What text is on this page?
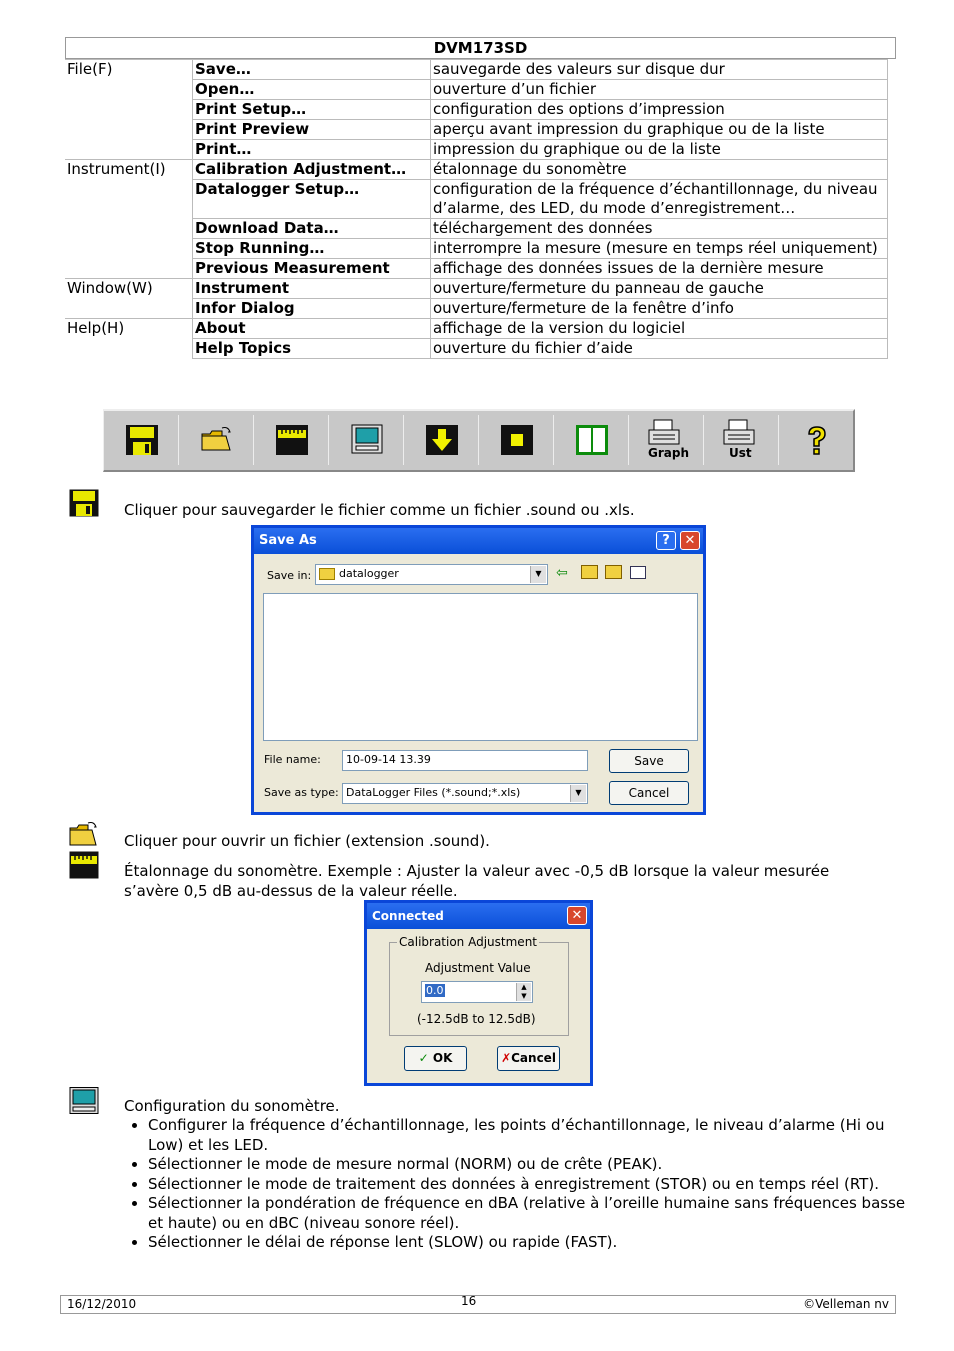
DVM173SD
File(F)	Save…	sauvegarde des valeurs sur disque dur
	Open…	ouverture d’un fichier
	Print Setup…	configuration des options d’impression
	Print Preview	aperçu avant impression du graphique ou de la liste
	Print…	impression du graphique ou de la liste
Instrument(I)	Calibration Adjustment…	étalonnage du sonomètre
	Datalogger Setup…	configuration de la fréquence d’échantillonnage, du niveau d’alarme, des LED, du mode d’enregistrement…
	Download Data…	téléchargement des données
	Stop Running…	interrompre la mesure (mesure en temps réel uniquement)
	Previous Measurement	affichage des données issues de la dernière mesure
Window(W)	Instrument	ouverture/fermeture du panneau de gauche
	Infor Dialog	ouverture/fermeture de la fenêtre d’info
Help(H)	About	affichage de la version du logiciel
	Help Topics	ouverture du fichier d’aide
Graph	Ust
Cliquer pour sauvegarder le fichier comme un fichier .sound ou .xls.
Save As	?	✕
Save in:	datalogger	▼	⇦
File name:	10-09-14 13.39
Save as type: DataLogger Files (*.sound;*.xls)	▼
Save
Cancel
Cliquer pour ouvrir un fichier (extension .sound).
Étalonnage du sonomètre. Exemple : Ajuster la valeur avec -0,5 dB lorsque la valeur mesurée s’avère 0,5 dB au-dessus de la valeur réelle.
Connected	✕
Calibration Adjustment
Adjustment Value
0.0	▲
▼
(-12.5dB to 12.5dB)
✓ OK	✗Cancel
Configuration du sonomètre.
• Configurer la fréquence d’échantillonnage, les points d’échantillonnage, le niveau d’alarme (Hi ou Low) et les LED.
• Sélectionner le mode de mesure normal (NORM) ou de crête (PEAK).
• Sélectionner le mode de traitement des données à enregistrement (STOR) ou en temps réel (RT).
• Sélectionner la pondération de fréquence en dBA (relative à l’oreille humaine sans fréquences basse et haute) ou en dBC (niveau sonore réel).
• Sélectionner le délai de réponse lent (SLOW) ou rapide (FAST).
16/12/2010	16	©Velleman nv
